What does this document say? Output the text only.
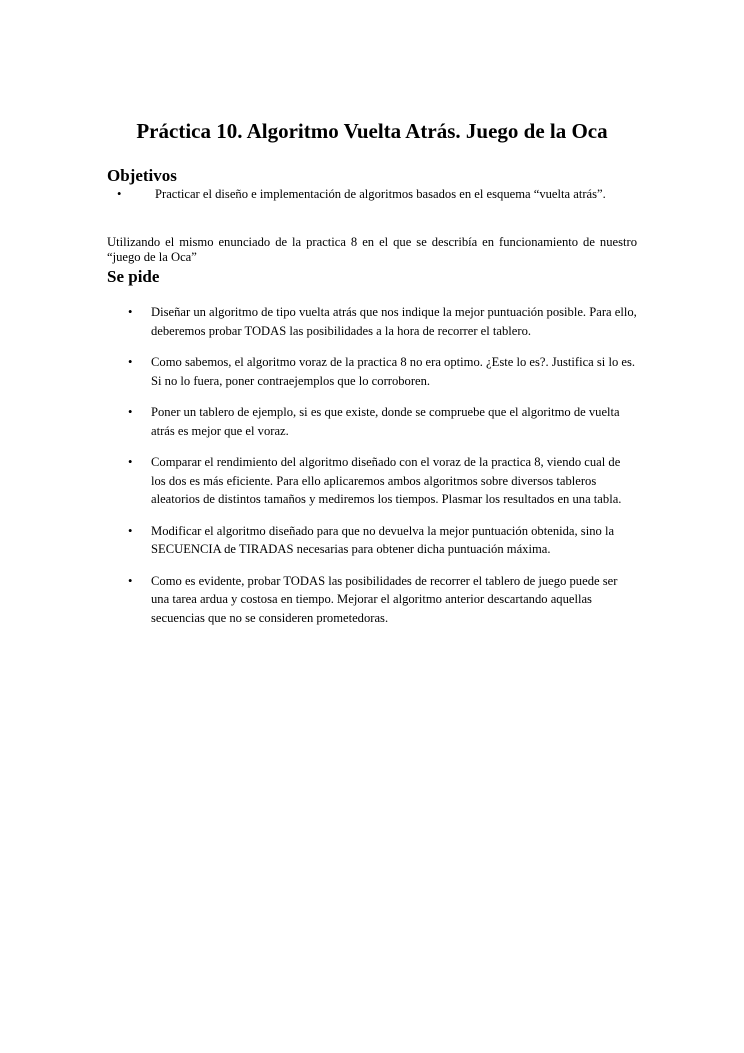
Práctica 10. Algoritmo Vuelta Atrás. Juego de la Oca
Objetivos
•	Practicar el diseño e implementación de algoritmos basados en el esquema “vuelta atrás”.

Utilizando el mismo enunciado de la practica 8 en el que se describía en funcionamiento de nuestro “juego de la Oca”

Se pide
• Diseñar un algoritmo de tipo vuelta atrás que nos indique la mejor puntuación posible. Para ello, deberemos probar TODAS las posibilidades a la hora de recorrer el tablero.
• Como sabemos, el algoritmo voraz de la practica 8 no era optimo. ¿Este lo es?. Justifica si lo es. Si no lo fuera, poner contraejemplos que lo corroboren.
• Poner un tablero de ejemplo, si es que existe, donde se compruebe que el algoritmo de vuelta atrás es mejor que el voraz.
• Comparar el rendimiento del algoritmo diseñado con el voraz de la practica 8, viendo cual de los dos es más eficiente. Para ello aplicaremos ambos algoritmos sobre diversos tableros aleatorios de distintos tamaños y mediremos los tiempos. Plasmar los resultados en una tabla.
• Modificar el algoritmo diseñado para que no devuelva la mejor puntuación obtenida, sino la SECUENCIA de TIRADAS necesarias para obtener dicha puntuación máxima.
• Como es evidente, probar TODAS las posibilidades de recorrer el tablero de juego puede ser una tarea ardua y costosa en tiempo. Mejorar el algoritmo anterior descartando aquellas secuencias que no se consideren prometedoras.
